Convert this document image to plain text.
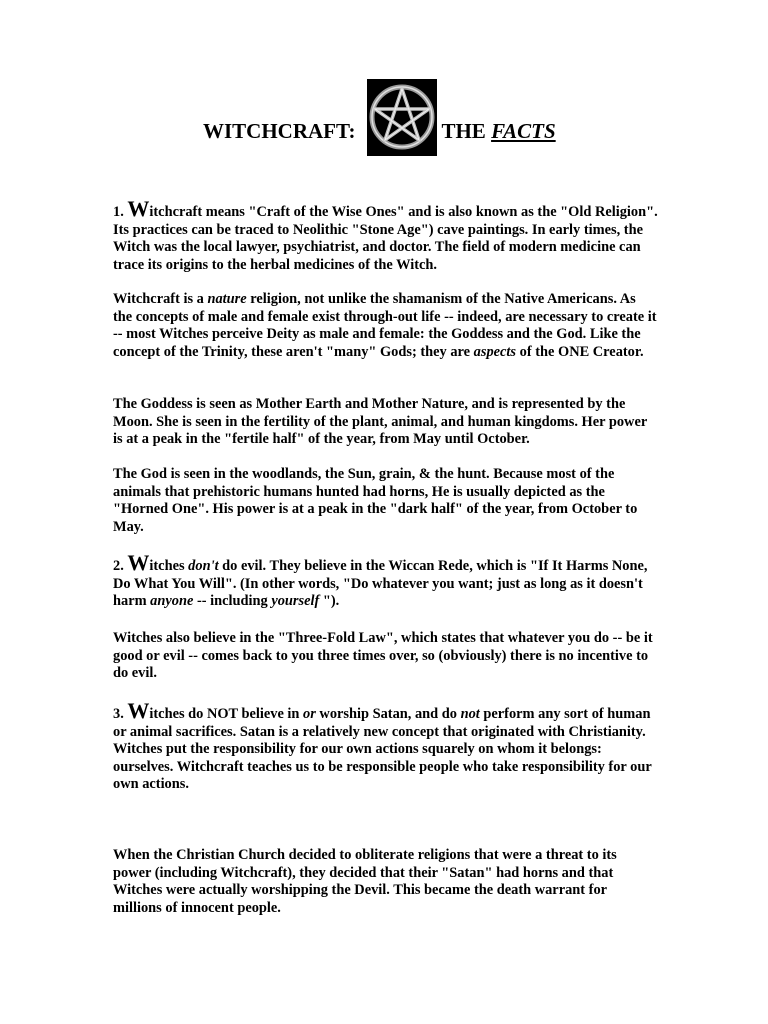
WITCHCRAFT:	THE FACTS

1. Witchcraft means "Craft of the Wise Ones" and is also known as the "Old Religion". Its practices can be traced to Neolithic "Stone Age") cave paintings. In early times, the Witch was the local lawyer, psychiatrist, and doctor. The field of modern medicine can trace its origins to the herbal medicines of the Witch.

Witchcraft is a nature religion, not unlike the shamanism of the Native Americans. As the concepts of male and female exist through-out life -- indeed, are necessary to create it -- most Witches perceive Deity as male and female: the Goddess and the God. Like the concept of the Trinity, these aren't "many" Gods; they are aspects of the ONE Creator.

The Goddess is seen as Mother Earth and Mother Nature, and is represented by the Moon. She is seen in the fertility of the plant, animal, and human kingdoms. Her power is at a peak in the "fertile half" of the year, from May until October.

The God is seen in the woodlands, the Sun, grain, & the hunt. Because most of the animals that prehistoric humans hunted had horns, He is usually depicted as the "Horned One". His power is at a peak in the "dark half" of the year, from October to May.

2. Witches don't do evil. They believe in the Wiccan Rede, which is "If It Harms None, Do What You Will". (In other words, "Do whatever you want; just as long as it doesn't harm anyone -- including yourself ").

Witches also believe in the "Three-Fold Law", which states that whatever you do -- be it good or evil -- comes back to you three times over, so (obviously) there is no incentive to do evil.

3. Witches do NOT believe in or worship Satan, and do not perform any sort of human or animal sacrifices. Satan is a relatively new concept that originated with Christianity. Witches put the responsibility for our own actions squarely on whom it belongs: ourselves. Witchcraft teaches us to be responsible people who take responsibility for our own actions.

When the Christian Church decided to obliterate religions that were a threat to its power (including Witchcraft), they decided that their "Satan" had horns and that Witches were actually worshipping the Devil. This became the death warrant for millions of innocent people.
